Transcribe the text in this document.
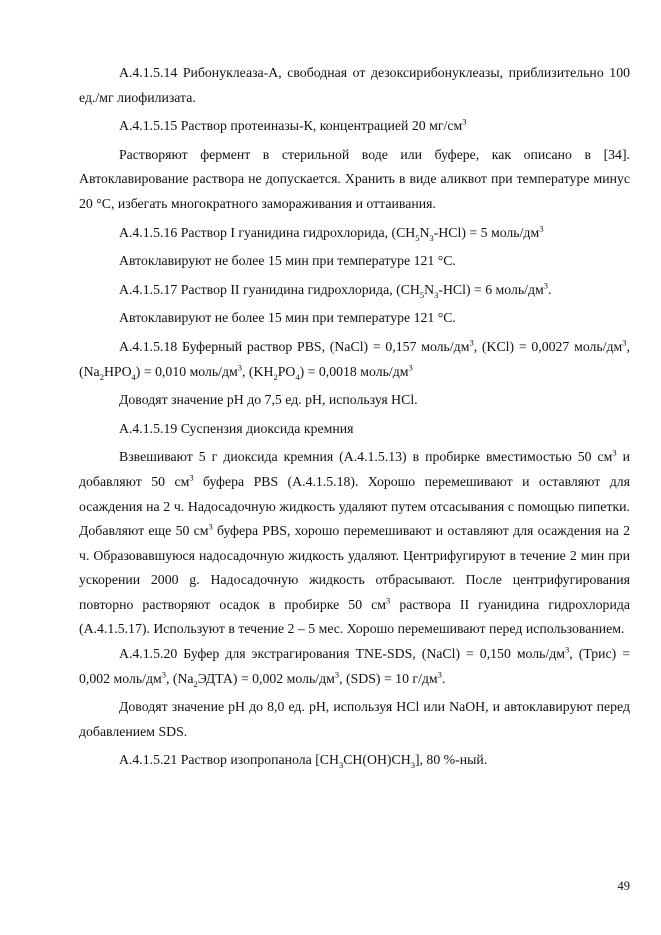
А.4.1.5.14 Рибонуклеаза-А, свободная от дезоксирибонуклеазы, приблизительно 100 ед./мг лиофилизата.

А.4.1.5.15 Раствор протеиназы-К, концентрацией 20 $мг/см^3$

Растворяют фермент в стерильной воде или буфере, как описано в [34]. Автоклавирование раствора не допускается. Хранить в виде аликвот при температуре минус 20 °С, избегать многократного замораживания и оттаивания.

А.4.1.5.16 Раствор I гуанидина гидрохлорида, $(CH_5N_3-HCl) = 5$ моль/$дм^3$

Автоклавируют не более 15 мин при температуре 121 °С.

А.4.1.5.17 Раствор II гуанидина гидрохлорида, $(CH_5N_3-HCl) = 6$ моль/$дм^3$.

Автоклавируют не более 15 мин при температуре 121 °С.

А.4.1.5.18 Буферный раствор PBS, (NaCl) = 0,157 моль/$дм^3$, (KCl) = 0,0027 моль/$дм^3$, $(Na_2HPO_4) = 0,010$ моль/$дм^3$, $(KH_2PO_4) = 0,0018$ моль/$дм^3$

Доводят значение рН до 7,5 ед. рН, используя HCl.

А.4.1.5.19 Суспензия диоксида кремния

Взвешивают 5 г диоксида кремния (А.4.1.5.13) в пробирке вместимостью 50 $см^3$ и добавляют 50 $см^3$ буфера PBS (А.4.1.5.18). Хорошо перемешивают и оставляют для осаждения на 2 ч. Надосадочную жидкость удаляют путем отсасывания с помощью пипетки. Добавляют еще 50 $см^3$ буфера PBS, хорошо перемешивают и оставляют для осаждения на 2 ч. Образовавшуюся надосадочную жидкость удаляют. Центрифугируют в течение 2 мин при ускорении 2000 g. Надосадочную жидкость отбрасывают. После центрифугирования повторно растворяют осадок в пробирке 50 $см^3$ раствора II гуанидина гидрохлорида (А.4.1.5.17). Используют в течение 2 – 5 мес. Хорошо перемешивают перед использованием.

А.4.1.5.20 Буфер для экстрагирования TNE-SDS, (NaCl) = 0,150 моль/$дм^3$, (Трис) = 0,002 моль/$дм^3$, $(Na_2ЭДТА) = 0,002$ моль/$дм^3$, (SDS) = 10 $г/дм^3$.

Доводят значение рН до 8,0 ед. рН, используя HCl или NaOH, и автоклавируют перед добавлением SDS.

А.4.1.5.21 Раствор изопропанола $[CH_3CH(OH)CH_3]$, 80 %-ный.

49
